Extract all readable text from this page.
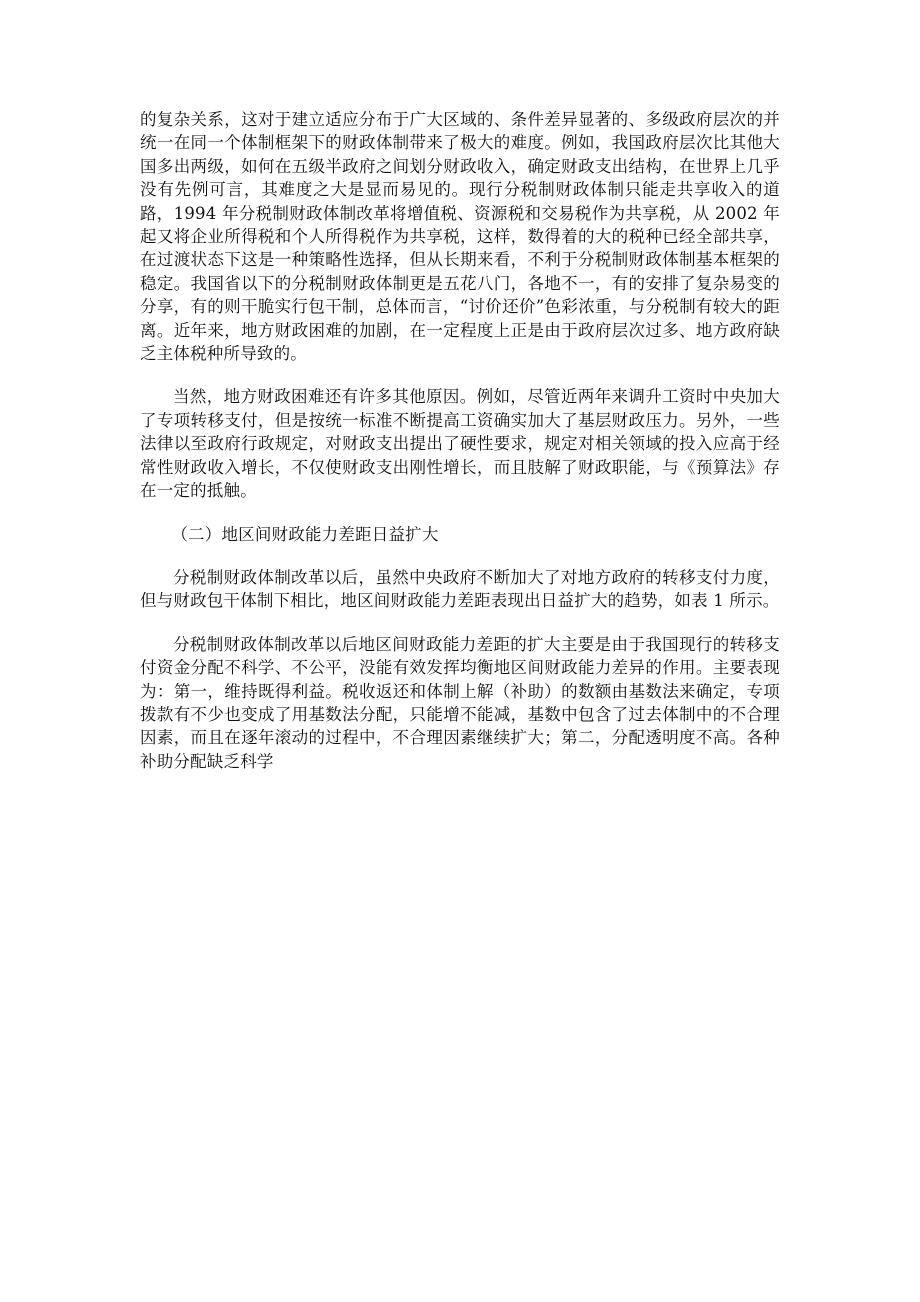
的复杂关系，这对于建立适应分布于广大区域的、条件差异显著的、多级政府层次的并统一在同一个体制框架下的财政体制带来了极大的难度。例如，我国政府层次比其他大国多出两级，如何在五级半政府之间划分财政收入，确定财政支出结构，在世界上几乎没有先例可言，其难度之大是显而易见的。现行分税制财政体制只能走共享收入的道路，1994 年分税制财政体制改革将增值税、资源税和交易税作为共享税，从 2002 年起又将企业所得税和个人所得税作为共享税，这样，数得着的大的税种已经全部共享，在过渡状态下这是一种策略性选择，但从长期来看，不利于分税制财政体制基本框架的稳定。我国省以下的分税制财政体制更是五花八门，各地不一，有的安排了复杂易变的分享，有的则干脆实行包干制，总体而言，“讨价还价”色彩浓重，与分税制有较大的距离。近年来，地方财政困难的加剧，在一定程度上正是由于政府层次过多、地方政府缺乏主体税种所导致的。

当然，地方财政困难还有许多其他原因。例如，尽管近两年来调升工资时中央加大了专项转移支付，但是按统一标准不断提高工资确实加大了基层财政压力。另外，一些法律以至政府行政规定，对财政支出提出了硬性要求，规定对相关领域的投入应高于经常性财政收入增长，不仅使财政支出刚性增长，而且肢解了财政职能，与《预算法》存在一定的抵触。

（二）地区间财政能力差距日益扩大

分税制财政体制改革以后，虽然中央政府不断加大了对地方政府的转移支付力度，但与财政包干体制下相比，地区间财政能力差距表现出日益扩大的趋势，如表 1 所示。

分税制财政体制改革以后地区间财政能力差距的扩大主要是由于我国现行的转移支付资金分配不科学、不公平，没能有效发挥均衡地区间财政能力差异的作用。主要表现为：第一，维持既得利益。税收返还和体制上解（补助）的数额由基数法来确定，专项拨款有不少也变成了用基数法分配，只能增不能减，基数中包含了过去体制中的不合理因素，而且在逐年滚动的过程中，不合理因素继续扩大；第二，分配透明度不高。各种补助分配缺乏科学
